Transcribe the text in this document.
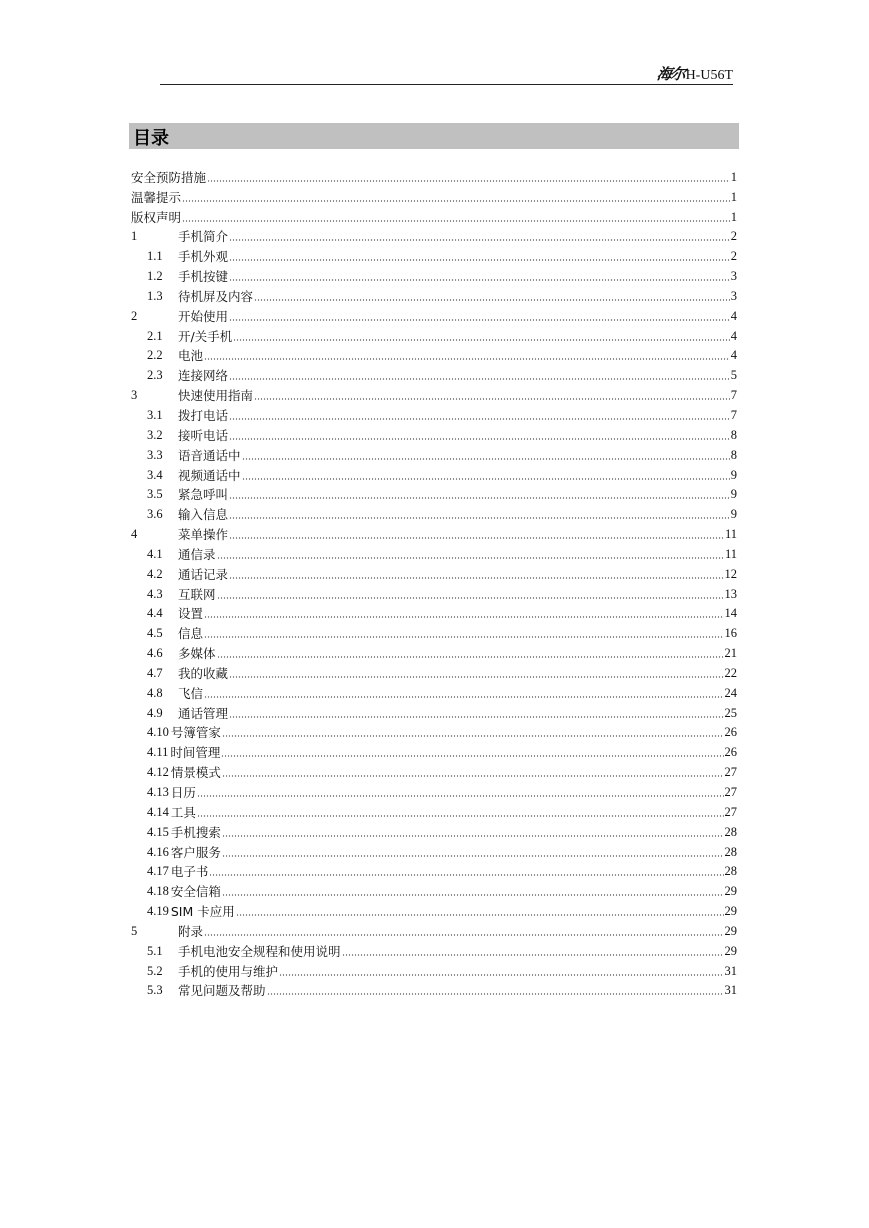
海尔 H-U56T
目录
安全预防措施	1
温馨提示	1
版权声明	1
1	手机简介	2
1.1	手机外观	2
1.2	手机按键	3
1.3	待机屏及内容	3
2	开始使用	4
2.1	开/关手机	4
2.2	电池	4
2.3	连接网络	5
3	快速使用指南	7
3.1	拨打电话	7
3.2	接听电话	8
3.3	语音通话中	8
3.4	视频通话中	9
3.5	紧急呼叫	9
3.6	输入信息	9
4	菜单操作	11
4.1	通信录	11
4.2	通话记录	12
4.3	互联网	13
4.4	设置	14
4.5	信息	16
4.6	多媒体	21
4.7	我的收藏	22
4.8	飞信	24
4.9	通话管理	25
4.10 号簿管家	26
4.11 时间管理	26
4.12 情景模式	27
4.13 日历	27
4.14 工具	27
4.15 手机搜索	28
4.16 客户服务	28
4.17 电子书	28
4.18 安全信箱	29
4.19 SIM 卡应用	29
5	附录	29
5.1	手机电池安全规程和使用说明	29
5.2	手机的使用与维护	31
5.3	常见问题及帮助	31
